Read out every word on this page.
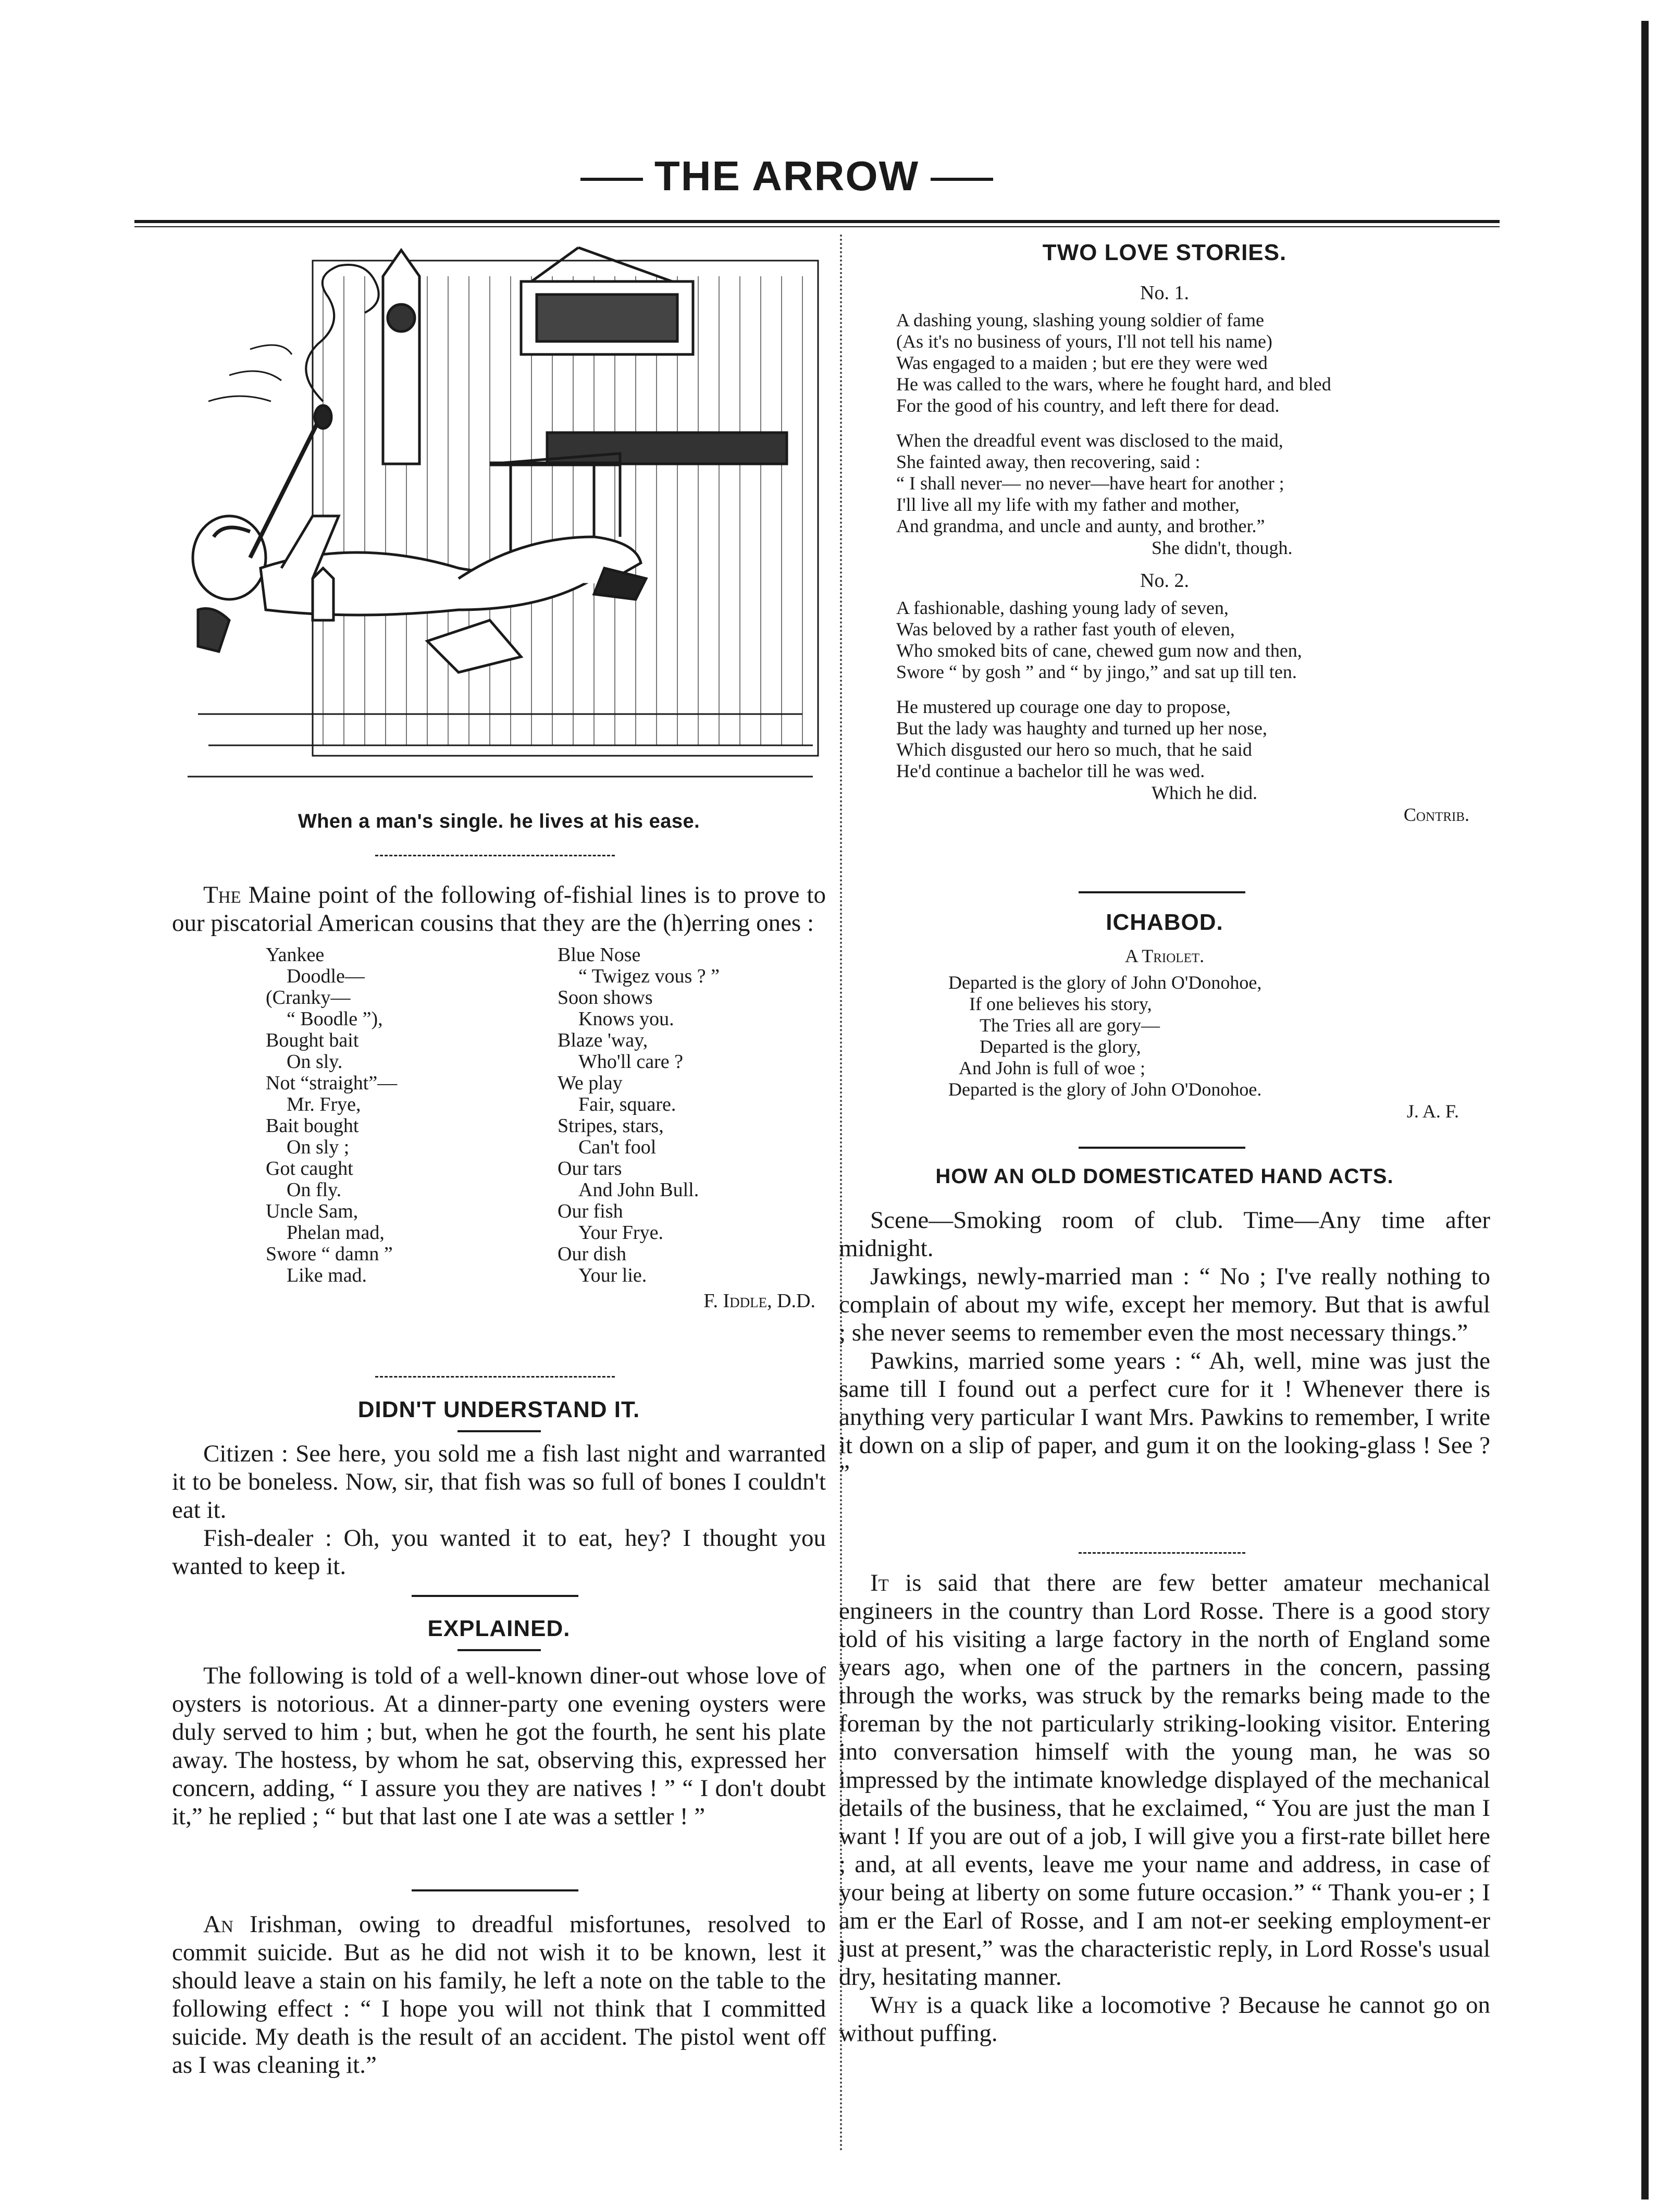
THE ARROW
When a man's single. he lives at his ease.

The Maine point of the following of-fishial lines is to prove to our piscatorial American cousins that they are the (h)erring ones :

Yankee
Doodle—
(Cranky—
“ Boodle ”),
Bought bait
On sly.
Not “straight”—
Mr. Frye,
Bait bought
On sly ;
Got caught
On fly.
Uncle Sam,
Phelan mad,
Swore “ damn ”
Like mad.
Blue Nose
“ Twigez vous ? ”
Soon shows
Knows you.
Blaze 'way,
Who'll care ?
We play
Fair, square.
Stripes, stars,
Can't fool
Our tars
And John Bull.
Our fish
Your Frye.
Our dish
Your lie.
F. Iddle, D.D.
DIDN'T UNDERSTAND IT.

Citizen : See here, you sold me a fish last night and warranted it to be boneless. Now, sir, that fish was so full of bones I couldn't eat it.

Fish-dealer : Oh, you wanted it to eat, hey? I thought you wanted to keep it.

EXPLAINED.

The following is told of a well-known diner-out whose love of oysters is notorious. At a dinner-party one evening oysters were duly served to him ; but, when he got the fourth, he sent his plate away. The hostess, by whom he sat, observing this, expressed her concern, adding, “ I assure you they are natives ! ” “ I don't doubt it,” he replied ; “ but that last one I ate was a settler ! ”

An Irishman, owing to dreadful misfortunes, resolved to commit suicide. But as he did not wish it to be known, lest it should leave a stain on his family, he left a note on the table to the following effect : “ I hope you will not think that I committed suicide. My death is the result of an accident. The pistol went off as I was cleaning it.”

TWO LOVE STORIES.
No. 1.
A dashing young, slashing young soldier of fame
(As it's no business of yours, I'll not tell his name)
Was engaged to a maiden ; but ere they were wed
He was called to the wars, where he fought hard, and bled
For the good of his country, and left there for dead.
When the dreadful event was disclosed to the maid,
She fainted away, then recovering, said :
“ I shall never— no never—have heart for another ;
I'll live all my life with my father and mother,
And grandma, and uncle and aunty, and brother.”
She didn't, though.
No. 2.
A fashionable, dashing young lady of seven,
Was beloved by a rather fast youth of eleven,
Who smoked bits of cane, chewed gum now and then,
Swore “ by gosh ” and “ by jingo,” and sat up till ten.
He mustered up courage one day to propose,
But the lady was haughty and turned up her nose,
Which disgusted our hero so much, that he said
He'd continue a bachelor till he was wed.
Which he did.
Contrib.
ICHABOD.
A Triolet.
Departed is the glory of John O'Donohoe,
If one believes his story,
The Tries all are gory—
Departed is the glory,
And John is full of woe ;
Departed is the glory of John O'Donohoe.
J. A. F.
HOW AN OLD DOMESTICATED HAND ACTS.

Scene—Smoking room of club. Time—Any time after midnight.

Jawkings, newly-married man : “ No ; I've really nothing to complain of about my wife, except her memory. But that is awful ; she never seems to remember even the most necessary things.”

Pawkins, married some years : “ Ah, well, mine was just the same till I found out a perfect cure for it ! Whenever there is anything very particular I want Mrs. Pawkins to remember, I write it down on a slip of paper, and gum it on the looking-glass ! See ? ”

It is said that there are few better amateur mechanical engineers in the country than Lord Rosse. There is a good story told of his visiting a large factory in the north of England some years ago, when one of the partners in the concern, passing through the works, was struck by the remarks being made to the foreman by the not particularly striking-looking visitor. Entering into conversation himself with the young man, he was so impressed by the intimate knowledge displayed of the mechanical details of the business, that he exclaimed, “ You are just the man I want ! If you are out of a job, I will give you a first-rate billet here ; and, at all events, leave me your name and address, in case of your being at liberty on some future occasion.” “ Thank you-er ; I am er the Earl of Rosse, and I am not-er seeking employment-er just at present,” was the characteristic reply, in Lord Rosse's usual dry, hesitating manner.

Why is a quack like a locomotive ? Because he cannot go on without puffing.
